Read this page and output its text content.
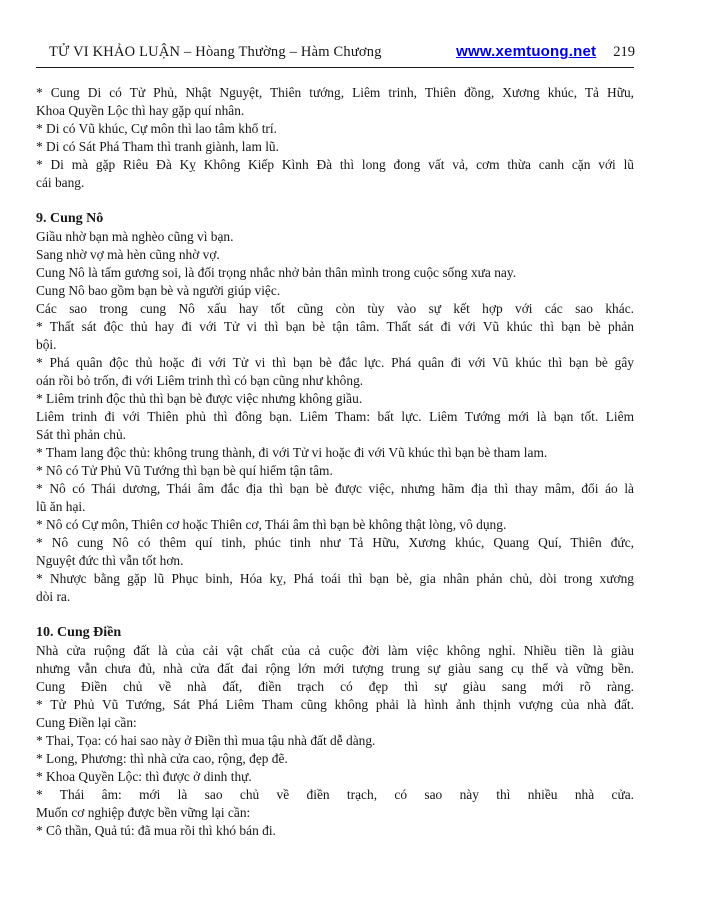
TỬ VI KHẢO LUẬN – Hòang Thường – Hàm Chương	www.xemtuong.net 219
* Cung Di có Tử Phủ, Nhật Nguyệt, Thiên tướng, Liêm trinh, Thiên đồng, Xương khúc, Tả Hữu,
Khoa Quyền Lộc thì hay gặp quí nhân.
* Di có Vũ khúc, Cự môn thì lao tâm khổ trí.
* Di có Sát Phá Tham thì tranh giành, lam lũ.
* Di mà gặp Riêu Đà Kỵ Không Kiếp Kình Đà thì long đong vất vả, cơm thừa canh cặn với lũ
cái bang.
9. Cung Nô
Giầu nhờ bạn mà nghèo cũng vì bạn.
Sang nhờ vợ mà hèn cũng nhờ vợ.
Cung Nô là tấm gương soi, là đối trọng nhắc nhở bản thân mình trong cuộc sống xưa nay.
Cung Nô bao gồm bạn bè và người giúp việc.
Các sao trong cung Nô xấu hay tốt cũng còn tùy vào sự kết hợp với các sao khác.
* Thất sát độc thủ hay đi với Tử vi thì bạn bè tận tâm. Thất sát đi với Vũ khúc thì bạn bè phản
bội.
* Phá quân độc thủ hoặc đi với Tử vi thì bạn bè đắc lực. Phá quân đi với Vũ khúc thì bạn bè gây
oán rồi bỏ trốn, đi với Liêm trinh thì có bạn cũng như không.
* Liêm trinh độc thủ thì bạn bè được việc nhưng không giầu.
Liêm trinh đi với Thiên phủ thì đông bạn. Liêm Tham: bất lực. Liêm Tướng mới là bạn tốt. Liêm
Sát thì phản chủ.
* Tham lang độc thủ: không trung thành, đi với Tử vi hoặc đi với Vũ khúc thì bạn bè tham lam.
* Nô có Tử Phủ Vũ Tướng thì bạn bè quí hiểm tận tâm.
* Nô có Thái dương, Thái âm đắc địa thì bạn bè được việc, nhưng hãm địa thì thay mâm, đổi áo là
lũ ăn hại.
* Nô có Cự môn, Thiên cơ hoặc Thiên cơ, Thái âm thì bạn bè không thật lòng, vô dụng.
* Nô cung Nô có thêm quí tinh, phúc tinh như Tả Hữu, Xương khúc, Quang Quí, Thiên đức,
Nguyệt đức thì vẫn tốt hơn.
* Nhược bằng gặp lũ Phục binh, Hóa kỵ, Phá toái thì bạn bè, gia nhân phản chủ, dòi trong xương
dòi ra.
10. Cung Điền
Nhà cửa ruộng đất là của cải vật chất của cả cuộc đời làm việc không nghỉ. Nhiều tiền là giàu
nhưng vẫn chưa đủ, nhà cửa đất đai rộng lớn mới tượng trung sự giàu sang cụ thể và vững bền.
Cung Điền chủ về nhà đất, điền trạch có đẹp thì sự giàu sang mới rõ ràng.
* Tử Phủ Vũ Tướng, Sát Phá Liêm Tham cũng không phải là hình ảnh thịnh vượng của nhà đất.
Cung Điền lại cần:
* Thai, Tọa: có hai sao này ở Điền thì mua tậu nhà đất dễ dàng.
* Long, Phương: thì nhà cửa cao, rộng, đẹp đẽ.
* Khoa Quyền Lộc: thì được ở dinh thự.
* Thái âm: mới là sao chủ về điền trạch, có sao này thì nhiều nhà cửa.
Muốn cơ nghiệp được bền vững lại cần:
* Cô thần, Quả tú: đã mua rồi thì khó bán đi.
